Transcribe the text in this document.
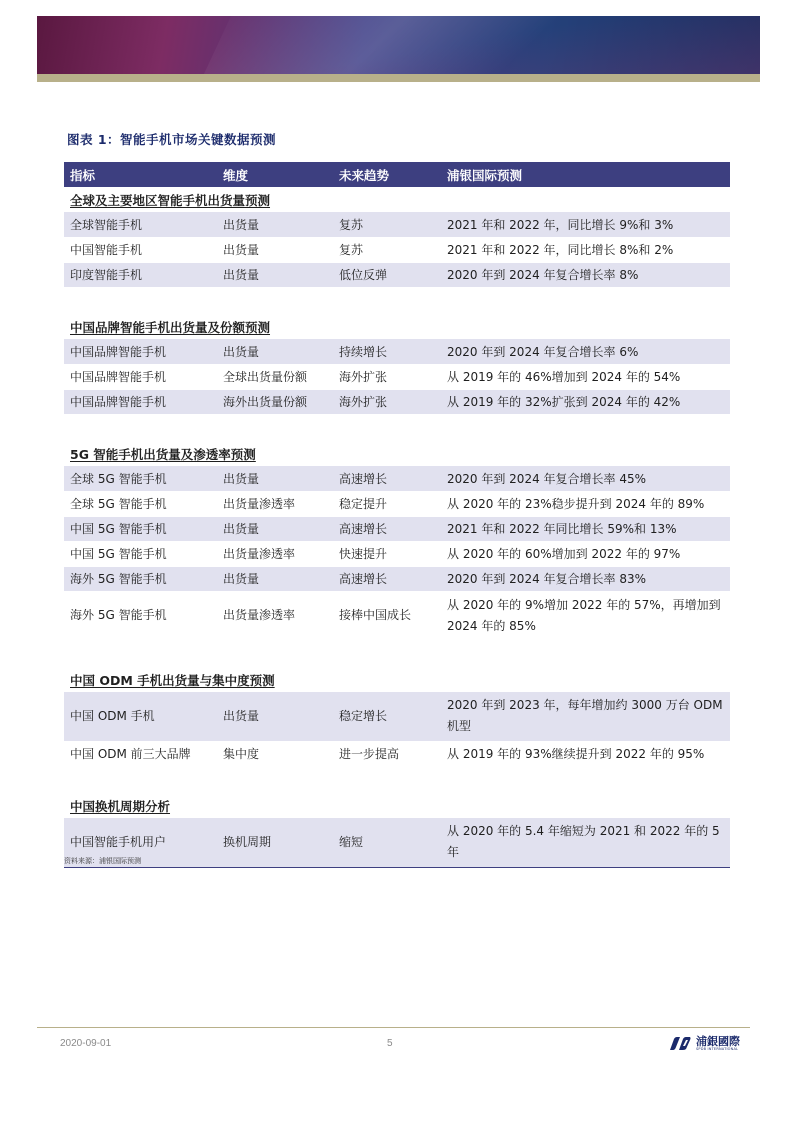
图表 1：智能手机市场关键数据预测
指标	维度	未来趋势	浦银国际预测
全球及主要地区智能手机出货量预测			
全球智能手机	出货量	复苏	2021 年和 2022 年，同比增长 9%和 3%
中国智能手机	出货量	复苏	2021 年和 2022 年，同比增长 8%和 2%
印度智能手机	出货量	低位反弹	2020 年到 2024 年复合增长率 8%

中国品牌智能手机出货量及份额预测			
中国品牌智能手机	出货量	持续增长	2020 年到 2024 年复合增长率 6%
中国品牌智能手机	全球出货量份额	海外扩张	从 2019 年的 46%增加到 2024 年的 54%
中国品牌智能手机	海外出货量份额	海外扩张	从 2019 年的 32%扩张到 2024 年的 42%

5G 智能手机出货量及渗透率预测			
全球 5G 智能手机	出货量	高速增长	2020 年到 2024 年复合增长率 45%
全球 5G 智能手机	出货量渗透率	稳定提升	从 2020 年的 23%稳步提升到 2024 年的 89%
中国 5G 智能手机	出货量	高速增长	2021 年和 2022 年同比增长 59%和 13%
中国 5G 智能手机	出货量渗透率	快速提升	从 2020 年的 60%增加到 2022 年的 97%
海外 5G 智能手机	出货量	高速增长	2020 年到 2024 年复合增长率 83%
海外 5G 智能手机	出货量渗透率	接棒中国成长	从 2020 年的 9%增加 2022 年的 57%，再增加到 2024 年的 85%

中国 ODM 手机出货量与集中度预测			
中国 ODM 手机	出货量	稳定增长	2020 年到 2023 年，每年增加约 3000 万台 ODM 机型
中国 ODM 前三大品牌	集中度	进一步提高	从 2019 年的 93%继续提升到 2022 年的 95%

中国换机周期分析			
中国智能手机用户	换机周期	缩短	从 2020 年的 5.4 年缩短为 2021 和 2022 年的 5 年
资料来源：浦银国际预测
2020-09-01	5	浦銀國際
SPDB INTERNATIONAL
